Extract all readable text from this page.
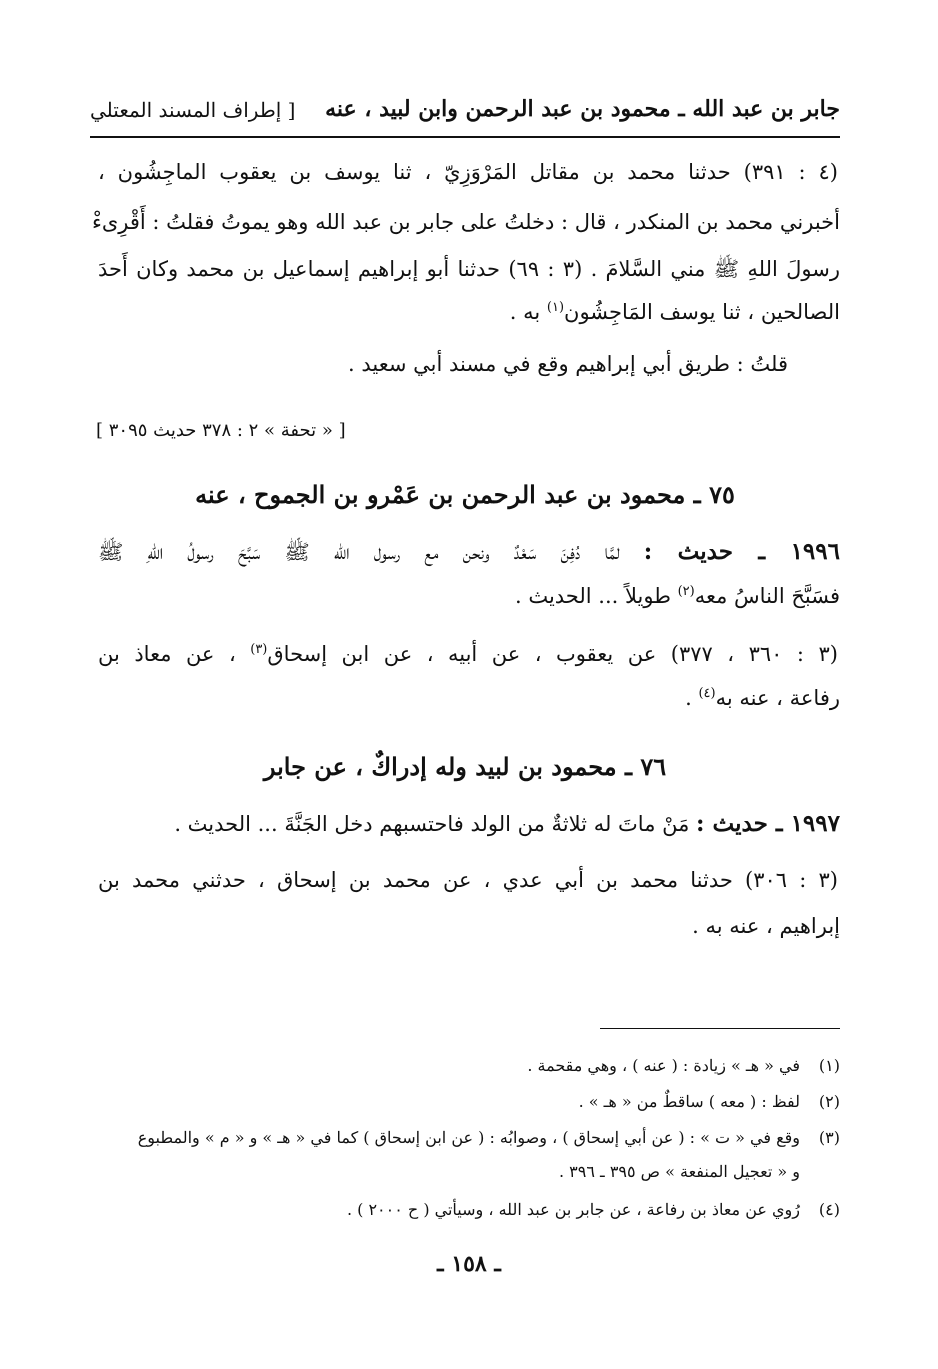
جابر بن عبد الله ـ محمود بن عبد الرحمن وابن لبيد ، عنه
[ إطراف المسند المعتلي
(٤ : ٣٩١) حدثنا محمد بن مقاتل المَرْوَزِيّ ، ثنا يوسف بن يعقوب الماجِشُون ،
أخبرني محمد بن المنكدر ، قال : دخلتُ على جابر بن عبد الله وهو يموتُ فقلتُ : أَقْرِىءْ
رسولَ اللهِ ﷺ مني السَّلامَ . (٣ : ٦٩) حدثنا أبو إبراهيم إسماعيل بن محمد وكان أَحدَ
الصالحين ، ثنا يوسف المَاجِشُون$^{(١)}$ به .
قلتُ : طريق أبي إبراهيم وقع في مسند أبي سعيد .
[ « تحفة » ٢ : ٣٧٨ حديث ٣٠٩٥ ]
٧٥ ـ محمود بن عبد الرحمن بن عَمْرو بن الجموح ، عنه
١٩٩٦ ـ حديث : لمَّا دُفِنَ سَعْدٌ ونحن مع رسول الله ﷺ سَبَّحَ رسولُ اللهِ ﷺ
فسَبَّحَ الناسُ معه$^{(٢)}$ طويلاً ... الحديث .
(٣ : ٣٦٠ ، ٣٧٧) عن يعقوب ، عن أبيه ، عن ابن إسحاق$^{(٣)}$ ، عن معاذ بن
رفاعة ، عنه به$^{(٤)}$ .
٧٦ ـ محمود بن لبيد وله إدراكٌ ، عن جابر
١٩٩٧ ـ حديث : مَنْ ماتَ له ثلاثةٌ من الولد فاحتسبهم دخل الجَنَّةَ ... الحديث .
(٣ : ٣٠٦) حدثنا محمد بن أبي عدي ، عن محمد بن إسحاق ، حدثني محمد بن
إبراهيم ، عنه به .
(١)في « هـ » زيادة : ( عنه ) ، وهي مقحمة .
(٢)لفظ : ( معه ) ساقطٌ من « هـ » .
(٣)وقع في « ت » : ( عن أبي إسحاق ) ، وصوابُه : ( عن ابن إسحاق ) كما في « هـ » و « م » والمطبوع
و « تعجيل المنفعة » ص ٣٩٥ ـ ٣٩٦ .
(٤)رُوي عن معاذ بن رفاعة ، عن جابر بن عبد الله ، وسيأتي ( ح ٢٠٠٠ ) .
ـ ١٥٨ ـ
